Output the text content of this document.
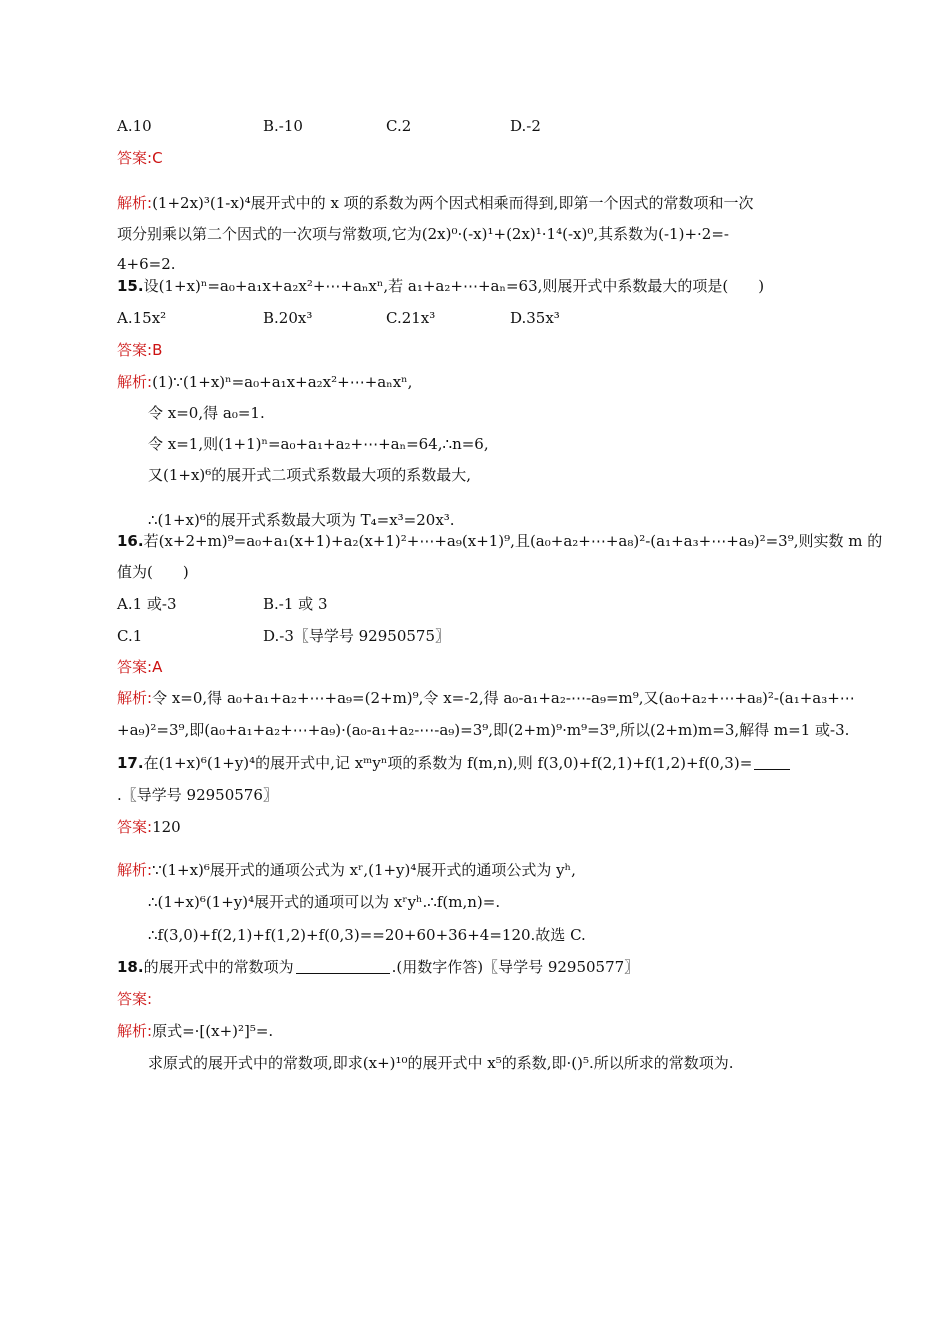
A.10	B.-10	C.2	D.-2
答案:C
解析:(1+2x)³(1-x)⁴展开式中的 x 项的系数为两个因式相乘而得到,即第一个因式的常数项和一次
项分别乘以第二个因式的一次项与常数项,它为(2x)⁰·(-x)¹+(2x)¹·1⁴(-x)⁰,其系数为(-1)+·2=-
4+6=2.
15.设(1+x)ⁿ=a₀+a₁x+a₂x²+⋯+aₙxⁿ,若 a₁+a₂+⋯+aₙ=63,则展开式中系数最大的项是(　　)
A.15x²	B.20x³	C.21x³	D.35x³
答案:B
解析:(1)∵(1+x)ⁿ=a₀+a₁x+a₂x²+⋯+aₙxⁿ,
令 x=0,得 a₀=1.
令 x=1,则(1+1)ⁿ=a₀+a₁+a₂+⋯+aₙ=64,∴n=6,
又(1+x)⁶的展开式二项式系数最大项的系数最大,
∴(1+x)⁶的展开式系数最大项为 T₄=x³=20x³.
16.若(x+2+m)⁹=a₀+a₁(x+1)+a₂(x+1)²+⋯+a₉(x+1)⁹,且(a₀+a₂+⋯+a₈)²-(a₁+a₃+⋯+a₉)²=3⁹,则实数 m 的
值为(　　)
A.1 或-3	B.-1 或 3
C.1	D.-3〖导学号 92950575〗
答案:A
解析:令 x=0,得 a₀+a₁+a₂+⋯+a₉=(2+m)⁹,令 x=-2,得 a₀-a₁+a₂-⋯-a₉=m⁹,又(a₀+a₂+⋯+a₈)²-(a₁+a₃+⋯
+a₉)²=3⁹,即(a₀+a₁+a₂+⋯+a₉)·(a₀-a₁+a₂-⋯-a₉)=3⁹,即(2+m)⁹·m⁹=3⁹,所以(2+m)m=3,解得 m=1 或-3.
17.在(1+x)⁶(1+y)⁴的展开式中,记 xᵐyⁿ项的系数为 f(m,n),则 f(3,0)+f(2,1)+f(1,2)+f(0,3)=
.〖导学号 92950576〗
答案:120
解析:∵(1+x)⁶展开式的通项公式为 xʳ,(1+y)⁴展开式的通项公式为 yʰ,
∴(1+x)⁶(1+y)⁴展开式的通项可以为 xʳyʰ.∴f(m,n)=.
∴f(3,0)+f(2,1)+f(1,2)+f(0,3)==20+60+36+4=120.故选 C.
18.的展开式中的常数项为	.(用数字作答)〖导学号 92950577〗
答案:
解析:原式=·[(x+)²]⁵=.
求原式的展开式中的常数项,即求(x+)¹⁰的展开式中 x⁵的系数,即·()⁵.所以所求的常数项为.
